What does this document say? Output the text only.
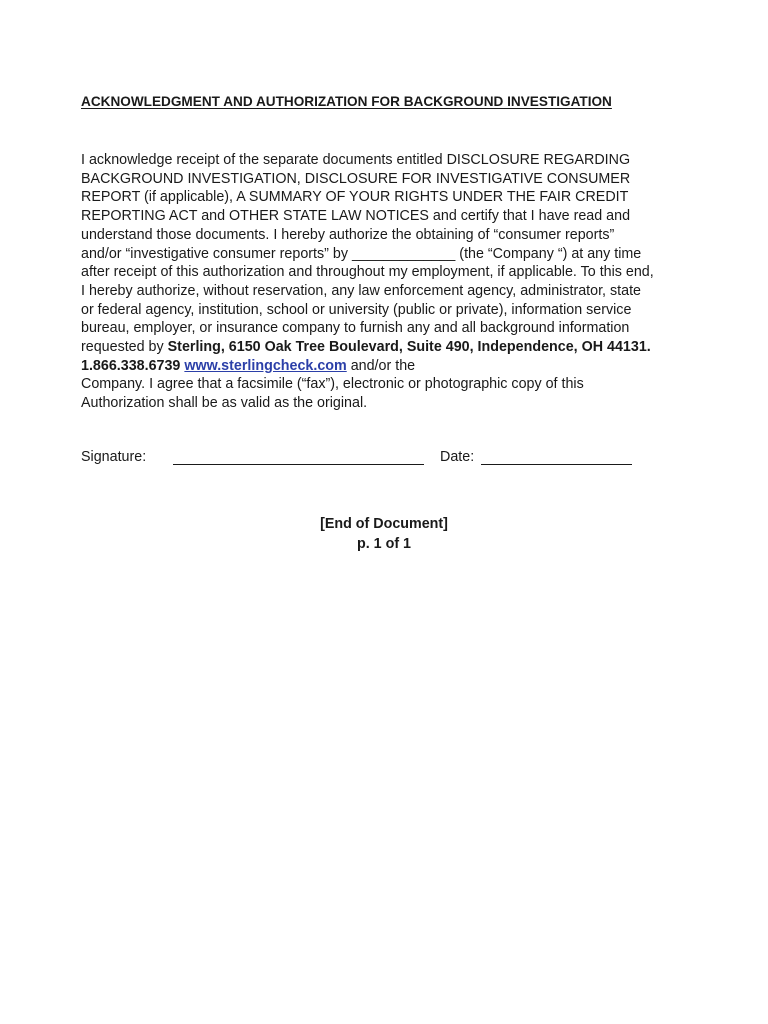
ACKNOWLEDGMENT AND AUTHORIZATION FOR BACKGROUND INVESTIGATION
I acknowledge receipt of the separate documents entitled DISCLOSURE REGARDING
BACKGROUND INVESTIGATION, DISCLOSURE FOR INVESTIGATIVE CONSUMER
REPORT (if applicable), A SUMMARY OF YOUR RIGHTS UNDER THE FAIR CREDIT
REPORTING ACT and OTHER STATE LAW NOTICES and certify that I have read and
understand those documents. I hereby authorize the obtaining of “consumer reports”
and/or “investigative consumer reports” by _____________ (the “Company “) at any time
after receipt of this authorization and throughout my employment, if applicable. To this end,
I hereby authorize, without reservation, any law enforcement agency, administrator, state
or federal agency, institution, school or university (public or private), information service
bureau, employer, or insurance company to furnish any and all background information
requested by Sterling, 6150 Oak Tree Boulevard, Suite 490, Independence, OH 44131.
1.866.338.6739 www.sterlingcheck.com and/or the
Company. I agree that a facsimile (“fax”), electronic or photographic copy of this
Authorization shall be as valid as the original.
Signature:	Date:
[End of Document]
p. 1 of 1
